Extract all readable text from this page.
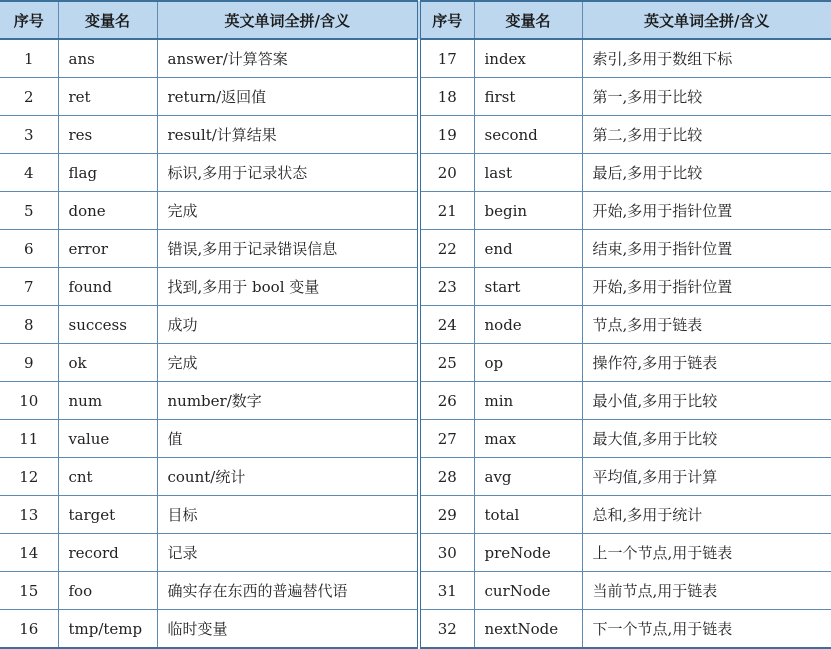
序号	变量名	英文单词全拼/含义	序号	变量名	英文单词全拼/含义
1	ans	answer/计算答案	17	index	索引,多用于数组下标
2	ret	return/返回值	18	first	第一,多用于比较
3	res	result/计算结果	19	second	第二,多用于比较
4	flag	标识,多用于记录状态	20	last	最后,多用于比较
5	done	完成	21	begin	开始,多用于指针位置
6	error	错误,多用于记录错误信息	22	end	结束,多用于指针位置
7	found	找到,多用于 bool 变量	23	start	开始,多用于指针位置
8	success	成功	24	node	节点,多用于链表
9	ok	完成	25	op	操作符,多用于链表
10	num	number/数字	26	min	最小值,多用于比较
11	value	值	27	max	最大值,多用于比较
12	cnt	count/统计	28	avg	平均值,多用于计算
13	target	目标	29	total	总和,多用于统计
14	record	记录	30	preNode	上一个节点,用于链表
15	foo	确实存在东西的普遍替代语	31	curNode	当前节点,用于链表
16	tmp/temp	临时变量	32	nextNode	下一个节点,用于链表
